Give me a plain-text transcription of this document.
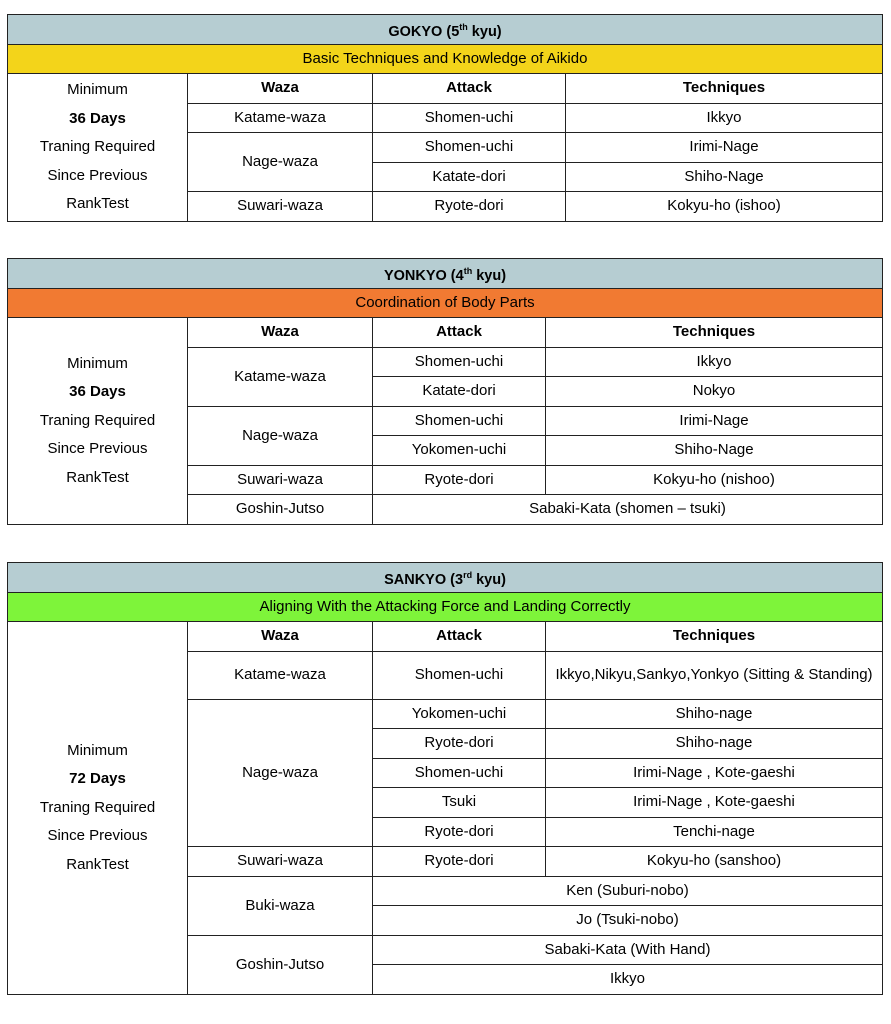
GOKYO (5th kyu)			
Basic Techniques and Knowledge of Aikido			

Minimum
36 Days
Traning Required
Since Previous
RankTest	Waza	Attack	Techniques
	Katame-waza	Shomen-uchi	Ikkyo
	Nage-waza	Shomen-uchi	Irimi-Nage
		Katate-dori	Shiho-Nage
	Suwari-waza	Ryote-dori	Kokyu-ho (ishoo)
YONKYO (4th kyu)			
Coordination of Body Parts			

Minimum
36 Days
Traning Required
Since Previous
RankTest	Waza	Attack	Techniques
	Katame-waza	Shomen-uchi	Ikkyo
		Katate-dori	Nokyo
	Nage-waza	Shomen-uchi	Irimi-Nage
		Yokomen-uchi	Shiho-Nage
	Suwari-waza	Ryote-dori	Kokyu-ho (nishoo)
	Goshin-Jutso	Sabaki-Kata (shomen – tsuki)	
SANKYO (3rd kyu)			
Aligning With the Attacking Force and Landing Correctly			

Minimum
72 Days
Traning Required
Since Previous
RankTest	Waza	Attack	Techniques
	Katame-waza	Shomen-uchi	Ikkyo,Nikyu,Sankyo,Yonkyo (Sitting & Standing)
	Nage-waza	Yokomen-uchi	Shiho-nage
		Ryote-dori	Shiho-nage
		Shomen-uchi	Irimi-Nage , Kote-gaeshi
		Tsuki	Irimi-Nage , Kote-gaeshi
		Ryote-dori	Tenchi-nage
	Suwari-waza	Ryote-dori	Kokyu-ho (sanshoo)
	Buki-waza	Ken (Suburi-nobo)	
		Jo (Tsuki-nobo)	
	Goshin-Jutso	Sabaki-Kata (With Hand)	
		Ikkyo	
